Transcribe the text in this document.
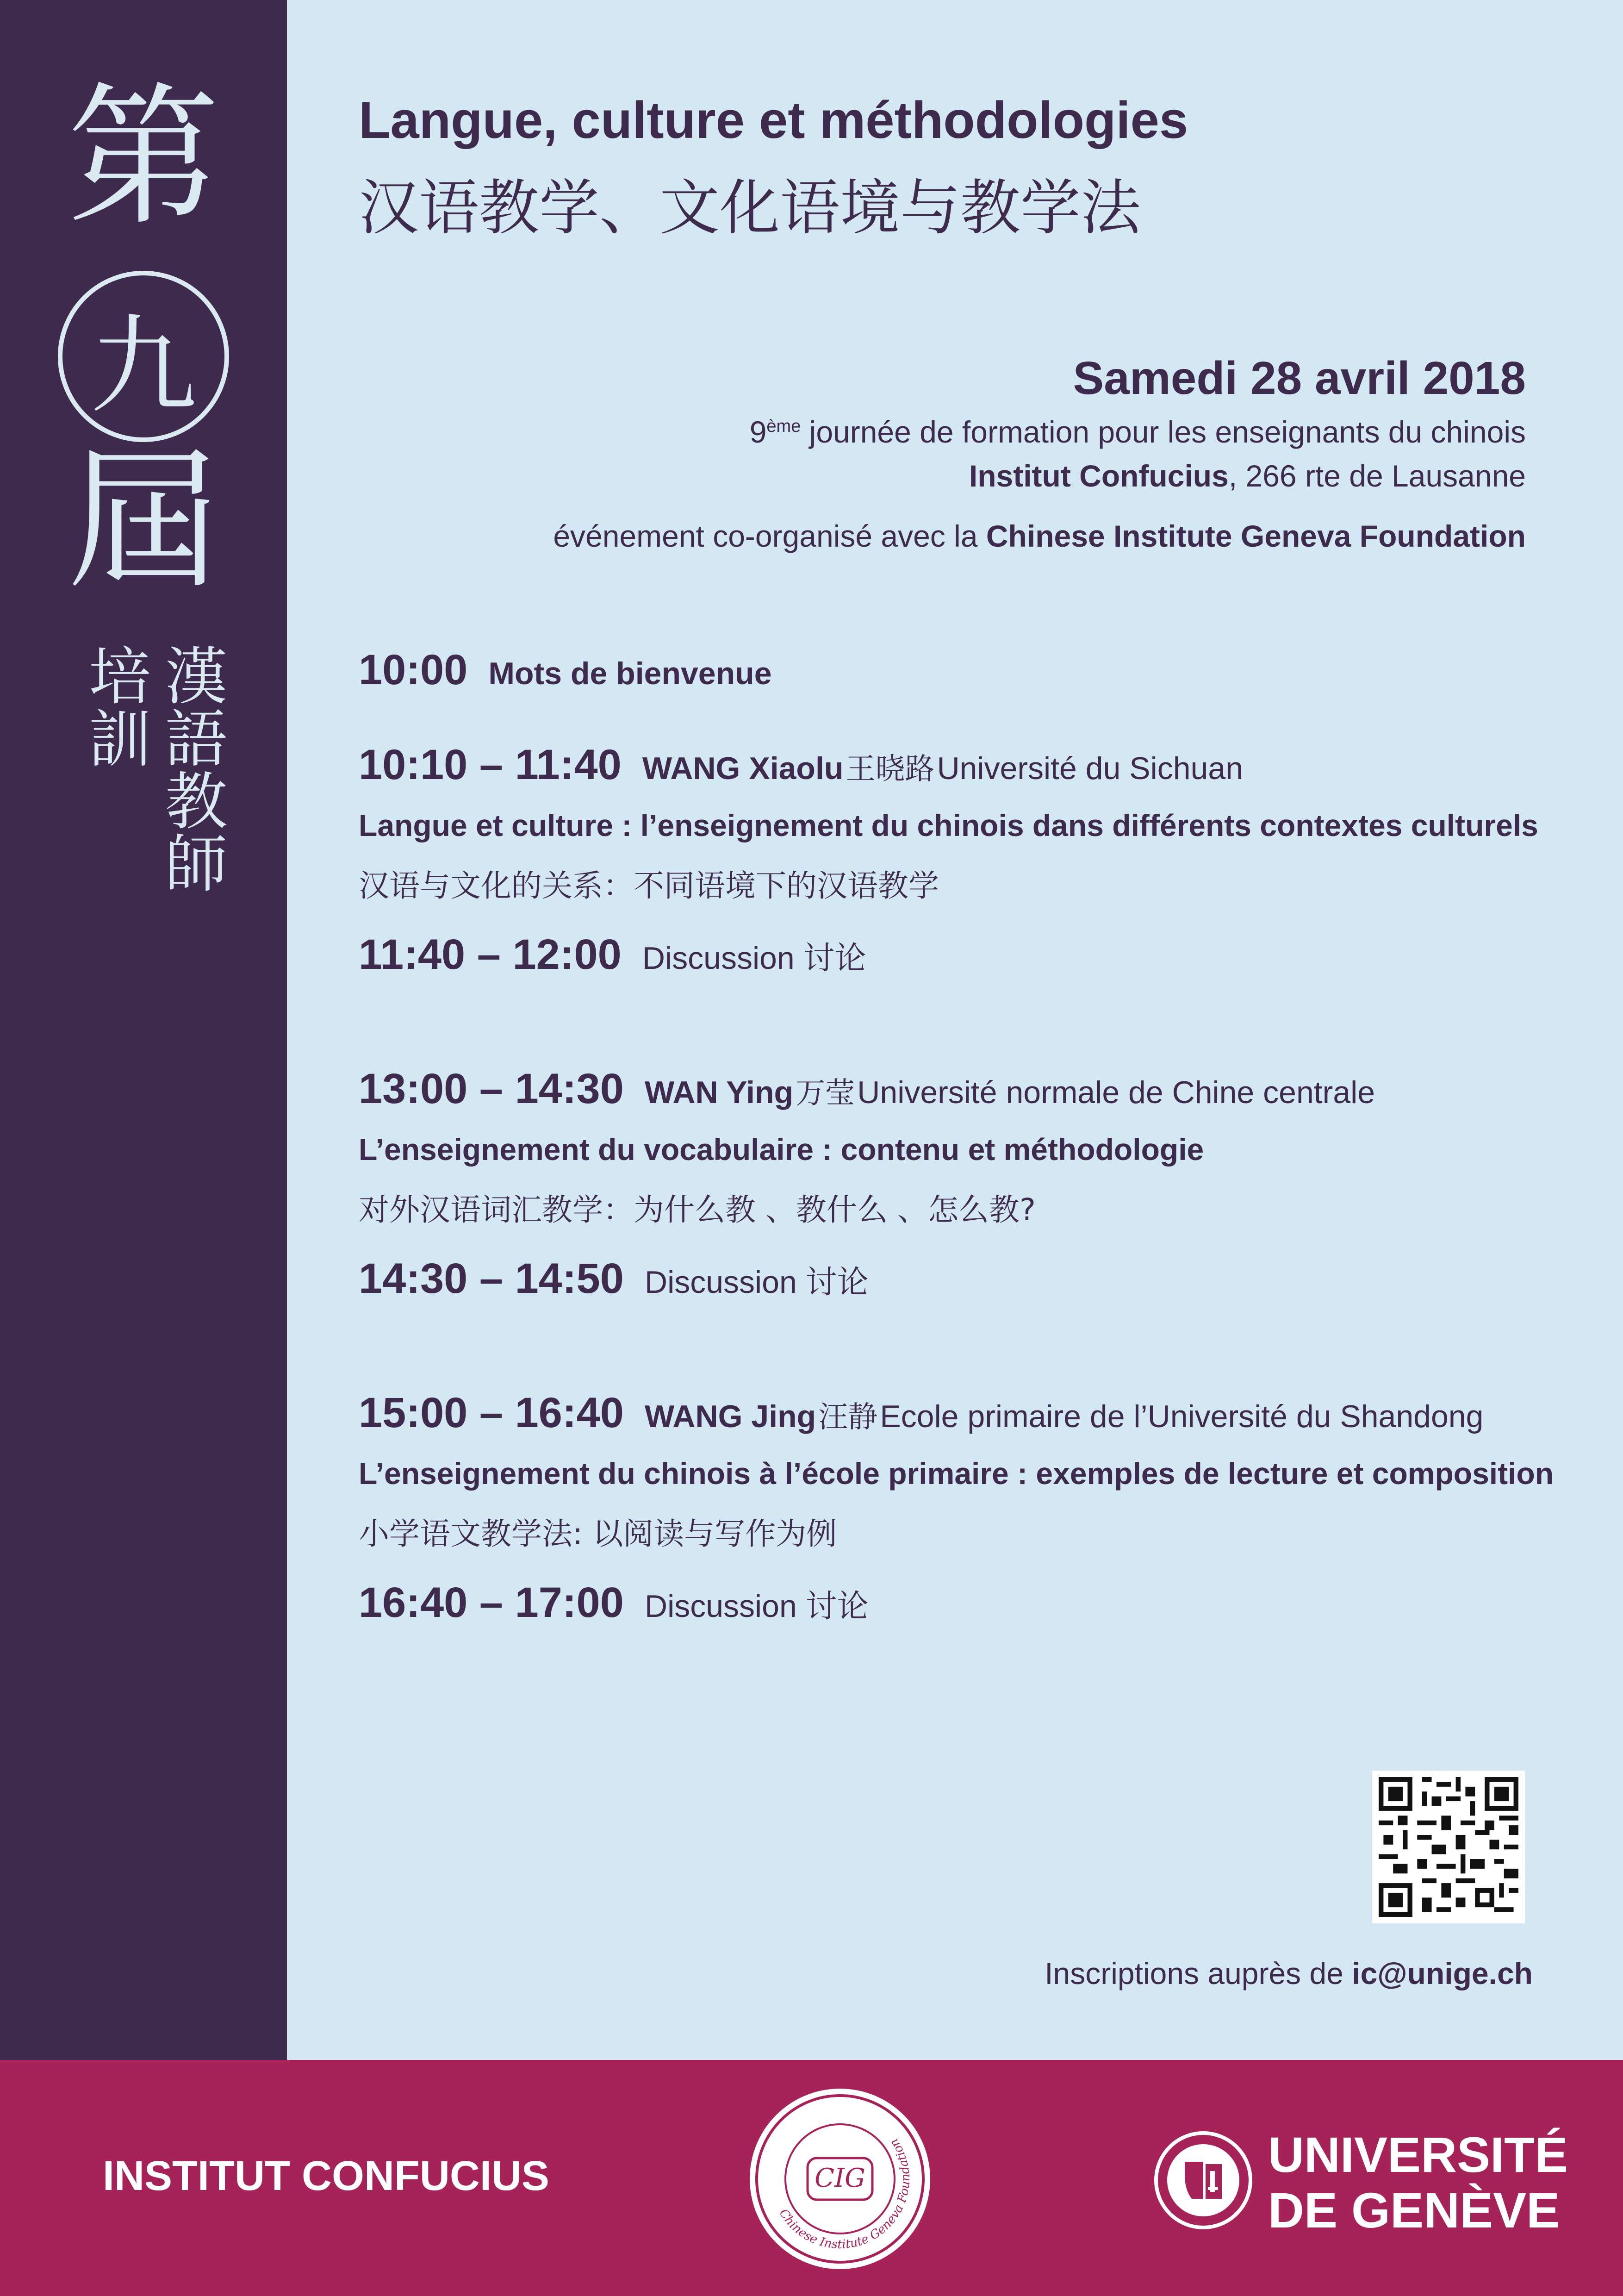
第
九
屆
漢語教師
培訓
Langue, culture et méthodologies
汉语教学、文化语境与教学法
Samedi 28 avril 2018
9ème journée de formation pour les enseignants du chinois
Institut Confucius, 266 rte de Lausanne
événement co-organisé avec la Chinese Institute Geneva Foundation
10:00 Mots de bienvenue
10:10 – 11:40 WANG Xiaolu 王晓路 Université du Sichuan
Langue et culture : l’enseignement du chinois dans différents contextes culturels
汉语与文化的关系：不同语境下的汉语教学
11:40 – 12:00 Discussion 讨论
13:00 – 14:30 WAN Ying 万莹 Université normale de Chine centrale
L’enseignement du vocabulaire : contenu et méthodologie
对外汉语词汇教学：为什么教 、教什么 、怎么教?
14:30 – 14:50 Discussion 讨论
15:00 – 16:40 WANG Jing 汪静 Ecole primaire de l’Université du Shandong
L’enseignement du chinois à l’école primaire : exemples de lecture et composition
小学语文教学法: 以阅读与写作为例
16:40 – 17:00 Discussion 讨论
Inscriptions auprès de ic@unige.ch
INSTITUT CONFUCIUS
Chinese Institute Geneva Foundation
CIG	UNIVERSITÉ
DE GENÈVE
